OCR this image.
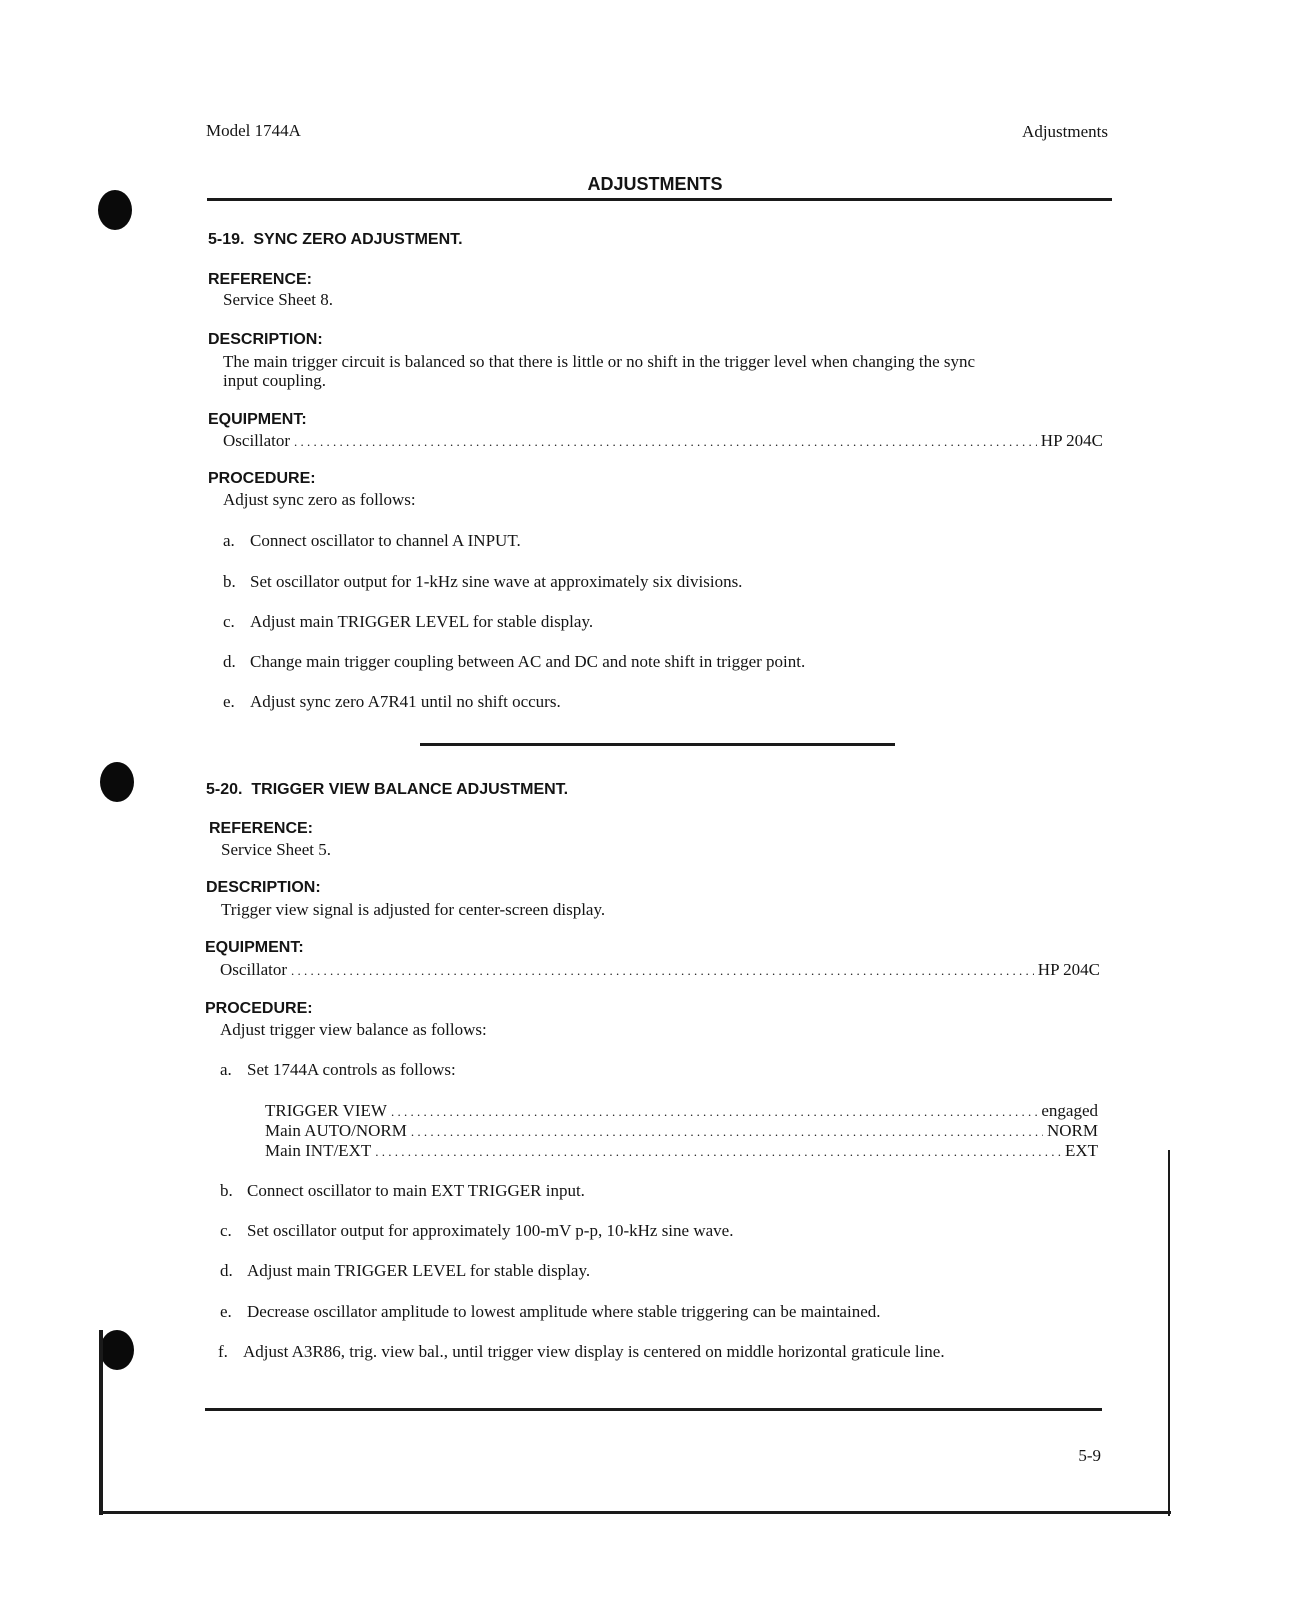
Model 1744A	Adjustments
ADJUSTMENTS
5-19.  SYNC ZERO ADJUSTMENT.
REFERENCE:
Service Sheet 8.
DESCRIPTION:
The main trigger circuit is balanced so that there is little or no shift in the trigger level when changing the sync
input coupling.
EQUIPMENT:
Oscillator . . .	HP 204C
PROCEDURE:
Adjust sync zero as follows:
a. Connect oscillator to channel A INPUT.
b. Set oscillator output for 1-kHz sine wave at approximately six divisions.
c. Adjust main TRIGGER LEVEL for stable display.
d. Change main trigger coupling between AC and DC and note shift in trigger point.
e. Adjust sync zero A7R41 until no shift occurs.
5-20.  TRIGGER VIEW BALANCE ADJUSTMENT.
REFERENCE:
Service Sheet 5.
DESCRIPTION:
Trigger view signal is adjusted for center-screen display.
EQUIPMENT:
Oscillator . . .	HP 204C
PROCEDURE:
Adjust trigger view balance as follows:
a. Set 1744A controls as follows:
TRIGGER VIEW . . .	engaged
Main AUTO/NORM . . .	NORM
Main INT/EXT . . .	EXT
b. Connect oscillator to main EXT TRIGGER input.
c. Set oscillator output for approximately 100-mV p-p, 10-kHz sine wave.
d. Adjust main TRIGGER LEVEL for stable display.
e. Decrease oscillator amplitude to lowest amplitude where stable triggering can be maintained.
f. Adjust A3R86, trig. view bal., until trigger view display is centered on middle horizontal graticule line.
5-9
